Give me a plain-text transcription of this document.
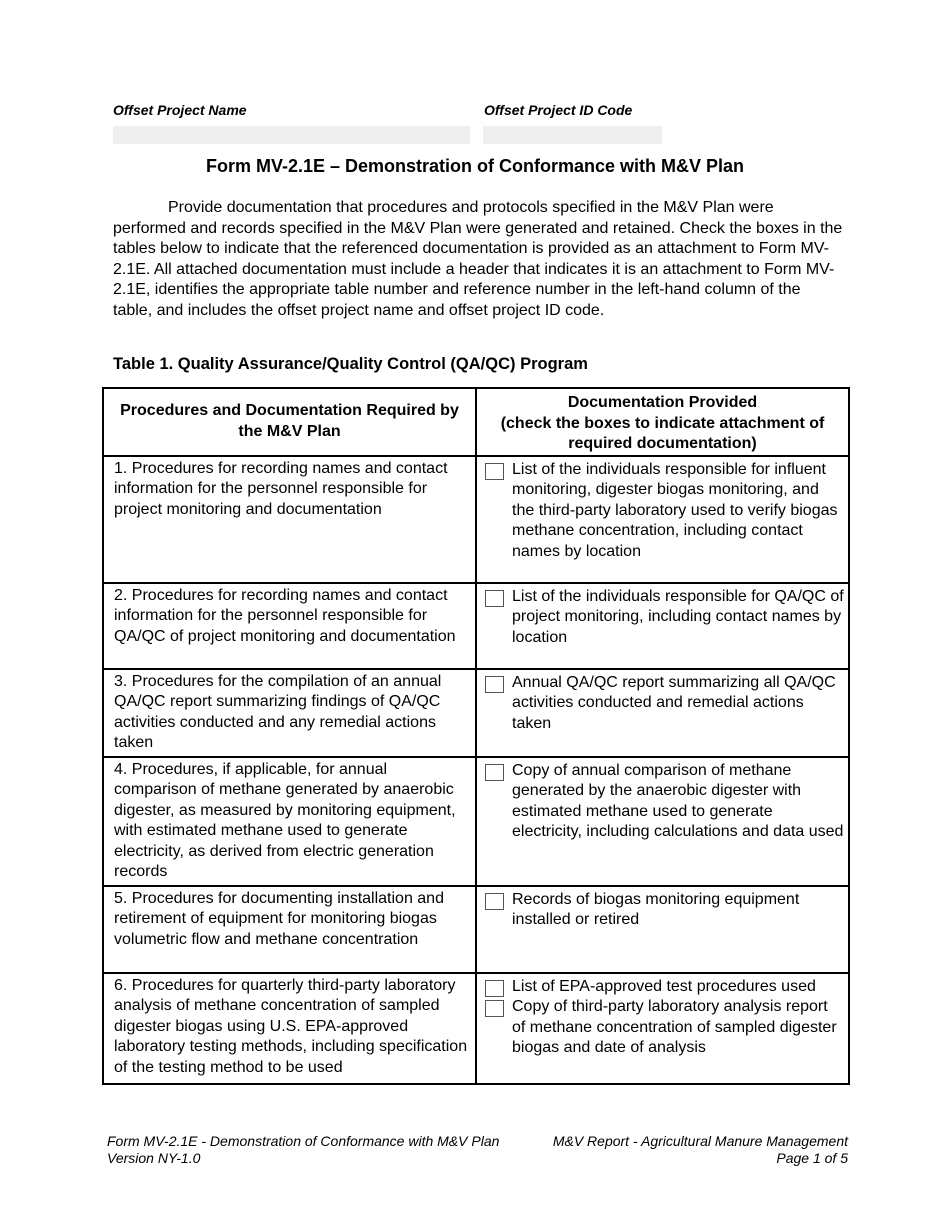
Offset Project Name	Offset Project ID Code
Form MV-2.1E – Demonstration of Conformance with M&V Plan

Provide documentation that procedures and protocols specified in the M&V Plan were performed and records specified in the M&V Plan were generated and retained. Check the boxes in the tables below to indicate that the referenced documentation is provided as an attachment to Form MV-2.1E. All attached documentation must include a header that indicates it is an attachment to Form MV-2.1E, identifies the appropriate table number and reference number in the left-hand column of the table, and includes the offset project name and offset project ID code.

Table 1. Quality Assurance/Quality Control (QA/QC) Program
Procedures and Documentation Required by the M&V Plan	Documentation Provided
(check the boxes to indicate attachment of required documentation)

1. Procedures for recording names and contact information for the personnel responsible for project monitoring and documentation	List of the individuals responsible for influent monitoring, digester biogas monitoring, and the third-party laboratory used to verify biogas methane concentration, including contact names by location

2. Procedures for recording names and contact information for the personnel responsible for QA/QC of project monitoring and documentation	List of the individuals responsible for QA/QC of project monitoring, including contact names by location

3. Procedures for the compilation of an annual QA/QC report summarizing findings of QA/QC activities conducted and any remedial actions taken	Annual QA/QC report summarizing all QA/QC activities conducted and remedial actions taken

4. Procedures, if applicable, for annual comparison of methane generated by anaerobic digester, as measured by monitoring equipment, with estimated methane used to generate electricity, as derived from electric generation records	Copy of annual comparison of methane generated by the anaerobic digester with estimated methane used to generate electricity, including calculations and data used

5. Procedures for documenting installation and retirement of equipment for monitoring biogas volumetric flow and methane concentration	Records of biogas monitoring equipment installed or retired

6. Procedures for quarterly third-party laboratory analysis of methane concentration of sampled digester biogas using U.S. EPA-approved laboratory testing methods, including specification of the testing method to be used	List of EPA-approved test procedures used
Copy of third-party laboratory analysis report of methane concentration of sampled digester biogas and date of analysis
Form MV-2.1E - Demonstration of Conformance with M&V Plan
Version NY-1.0
M&V Report - Agricultural Manure Management
Page 1 of 5
